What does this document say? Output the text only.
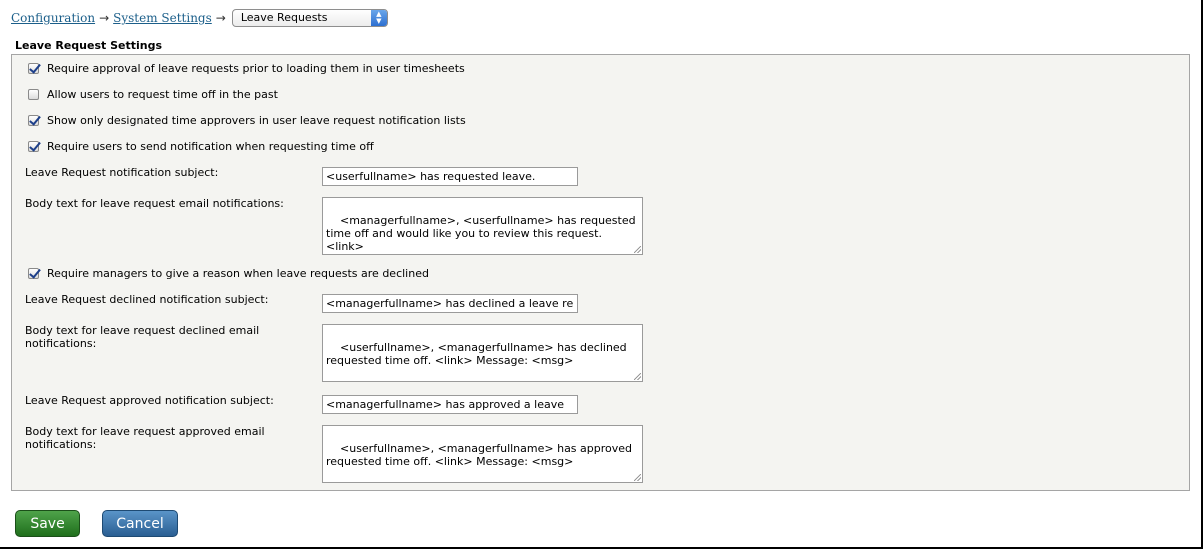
Configuration → System Settings →	Leave Requests	▲
▼
Leave Request Settings
Require approval of leave requests prior to loading them in user timesheets
Allow users to request time off in the past
Show only designated time approvers in user leave request notification lists
Require users to send notification when requesting time off
Leave Request notification subject:	<userfullname> has requested leave.
Body text for leave request email notifications:

<managerfullname>, <userfullname> has requested time off and would like you to review this request.
<link>

Require managers to give a reason when leave requests are declined
Leave Request declined notification subject:	<managerfullname> has declined a leave re
Body text for leave request declined email notifications:	<userfullname>, <managerfullname> has declined requested time off. <link> Message: <msg>

Leave Request approved notification subject:	<managerfullname> has approved a leave
Body text for leave request approved email notifications:	<userfullname>, <managerfullname> has approved requested time off. <link> Message: <msg>

Save	Cancel
